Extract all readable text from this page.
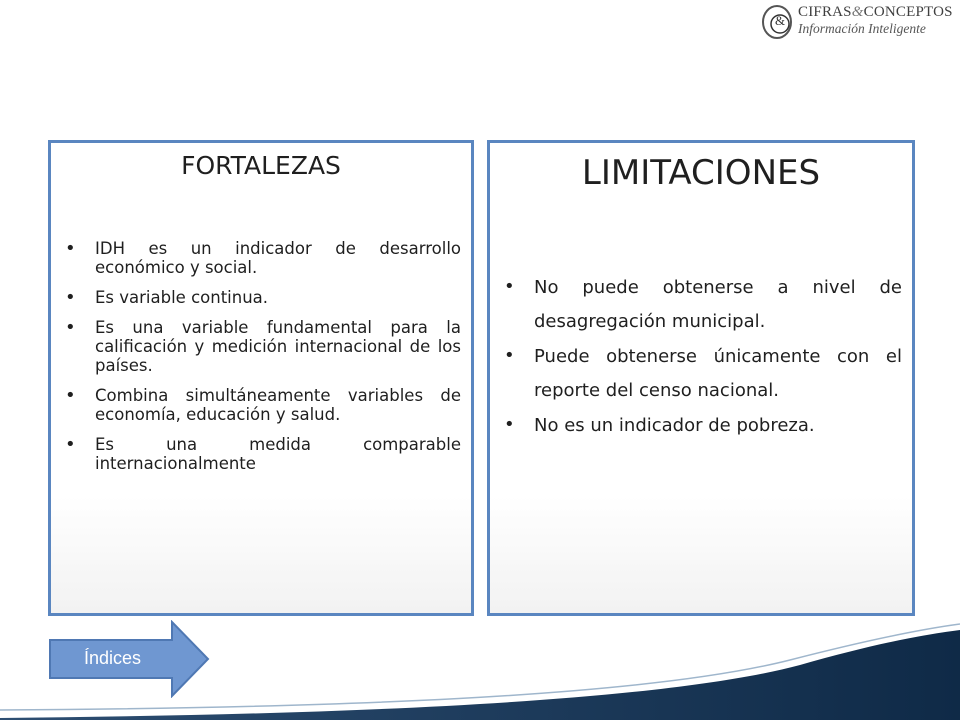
&
CIFRAS&CONCEPTOS
Información Inteligente
FORTALEZAS
• IDH es un indicador de desarrollo económico y social.
• Es variable continua.
• Es una variable fundamental para la calificación y medición internacional de los países.
• Combina simultáneamente variables de economía, educación y salud.
• Es una medida comparable internacionalmente
LIMITACIONES
• No puede obtenerse a nivel de desagregación municipal.
• Puede obtenerse únicamente con el reporte del censo nacional.
• No es un indicador de pobreza.
Índices
